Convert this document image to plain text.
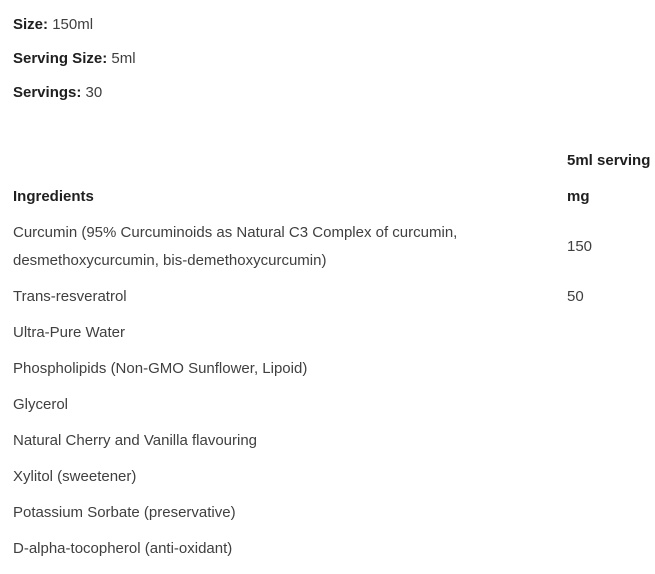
Size: 150ml

Serving Size: 5ml

Servings: 30

	5ml serving
Ingredients	mg
Curcumin (95% Curcuminoids as Natural C3 Complex of curcumin, desmethoxycurcumin, bis-demethoxycurcumin)	150
Trans-resveratrol	50
Ultra-Pure Water	
Phospholipids (Non-GMO Sunflower, Lipoid)	
Glycerol	
Natural Cherry and Vanilla flavouring	
Xylitol (sweetener)	
Potassium Sorbate (preservative)	
D-alpha-tocopherol (anti-oxidant)	
